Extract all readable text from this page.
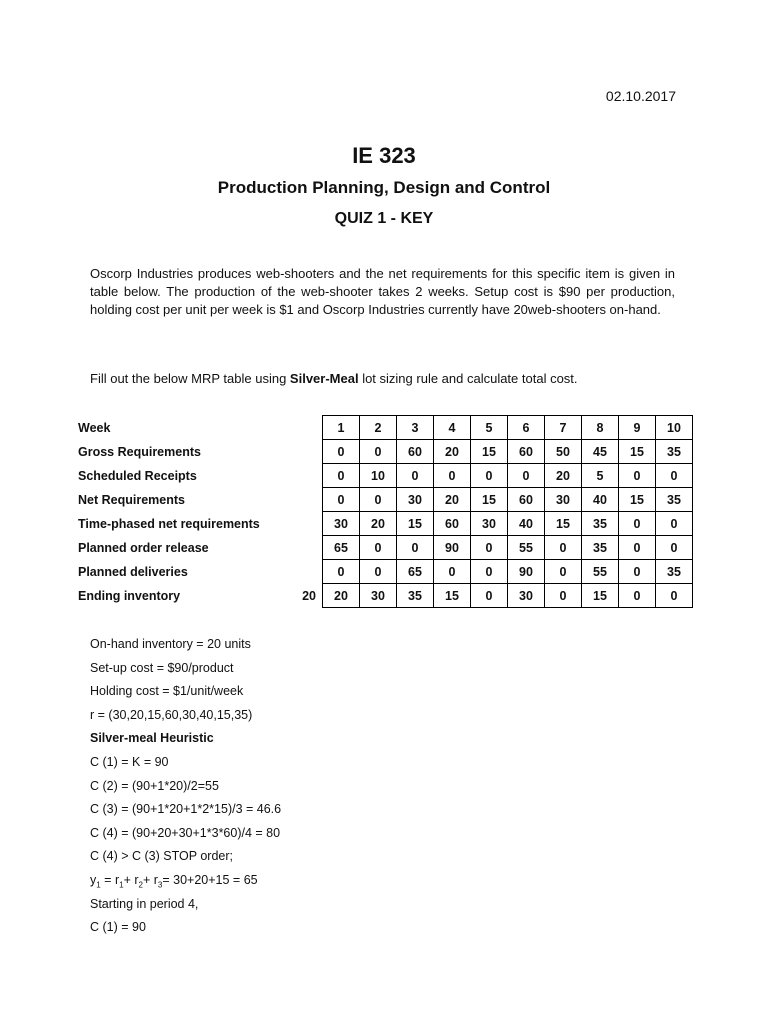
02.10.2017
IE 323
Production Planning, Design and Control
QUIZ 1 - KEY

Oscorp Industries produces web-shooters and the net requirements for this specific item is given in table below. The production of the web-shooter takes 2 weeks. Setup cost is $90 per production, holding cost per unit per week is $1 and Oscorp Industries currently have 20web-shooters on-hand.

Fill out the below MRP table using Silver-Meal lot sizing rule and calculate total cost.

Week		1	2	3	4	5	6	7	8	9	10
Gross Requirements		0	0	60	20	15	60	50	45	15	35
Scheduled Receipts		0	10	0	0	0	0	20	5	0	0
Net Requirements		0	0	30	20	15	60	30	40	15	35
Time-phased net requirements		30	20	15	60	30	40	15	35	0	0
Planned order release		65	0	0	90	0	55	0	35	0	0
Planned deliveries		0	0	65	0	0	90	0	55	0	35
Ending inventory	20	20	30	35	15	0	30	0	15	0	0
On-hand inventory = 20 units
Set-up cost = $90/product
Holding cost = $1/unit/week
r = (30,20,15,60,30,40,15,35)
Silver-meal Heuristic
C (1) = K = 90
C (2) = (90+1*20)/2=55
C (3) = (90+1*20+1*2*15)/3 = 46.6
C (4) = (90+20+30+1*3*60)/4 = 80
C (4) > C (3) STOP order;
$y_1 = r_1+ r_2+ r_3= 30+20+15 = 65$
Starting in period 4,
C (1) = 90
